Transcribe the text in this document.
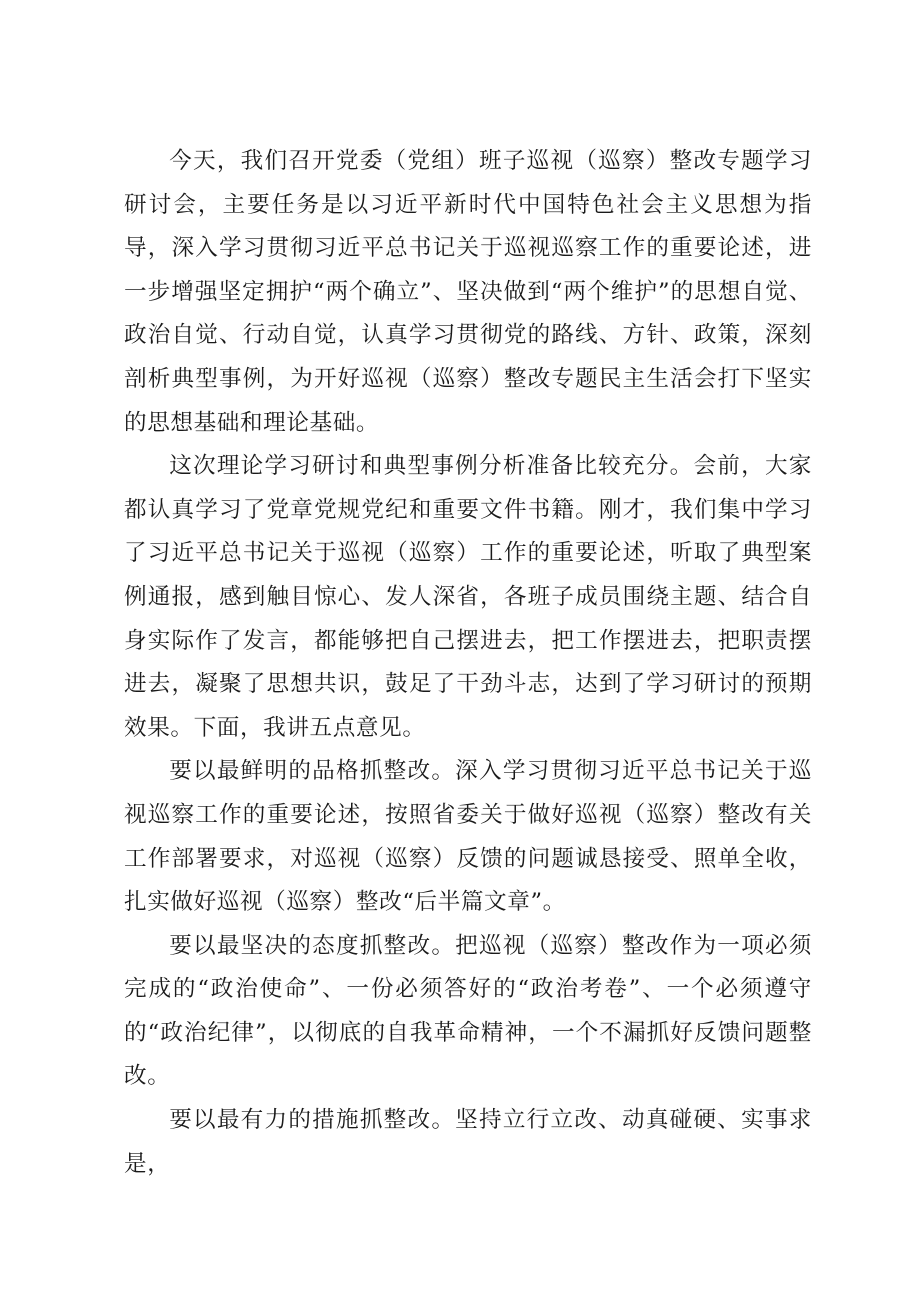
今天，我们召开党委（党组）班子巡视（巡察）整改专题学习研讨会，主要任务是以习近平新时代中国特色社会主义思想为指导，深入学习贯彻习近平总书记关于巡视巡察工作的重要论述，进一步增强坚定拥护“两个确立”、坚决做到“两个维护”的思想自觉、政治自觉、行动自觉，认真学习贯彻党的路线、方针、政策，深刻剖析典型事例，为开好巡视（巡察）整改专题民主生活会打下坚实的思想基础和理论基础。

这次理论学习研讨和典型事例分析准备比较充分。会前，大家都认真学习了党章党规党纪和重要文件书籍。刚才，我们集中学习了习近平总书记关于巡视（巡察）工作的重要论述，听取了典型案例通报，感到触目惊心、发人深省，各班子成员围绕主题、结合自身实际作了发言，都能够把自己摆进去，把工作摆进去，把职责摆进去，凝聚了思想共识，鼓足了干劲斗志，达到了学习研讨的预期效果。下面，我讲五点意见。

要以最鲜明的品格抓整改。深入学习贯彻习近平总书记关于巡视巡察工作的重要论述，按照省委关于做好巡视（巡察）整改有关工作部署要求，对巡视（巡察）反馈的问题诚恳接受、照单全收，扎实做好巡视（巡察）整改“后半篇文章”。

要以最坚决的态度抓整改。把巡视（巡察）整改作为一项必须完成的“政治使命”、一份必须答好的“政治考卷”、一个必须遵守的“政治纪律”，以彻底的自我革命精神，一个不漏抓好反馈问题整改。

要以最有力的措施抓整改。坚持立行立改、动真碰硬、实事求是，
